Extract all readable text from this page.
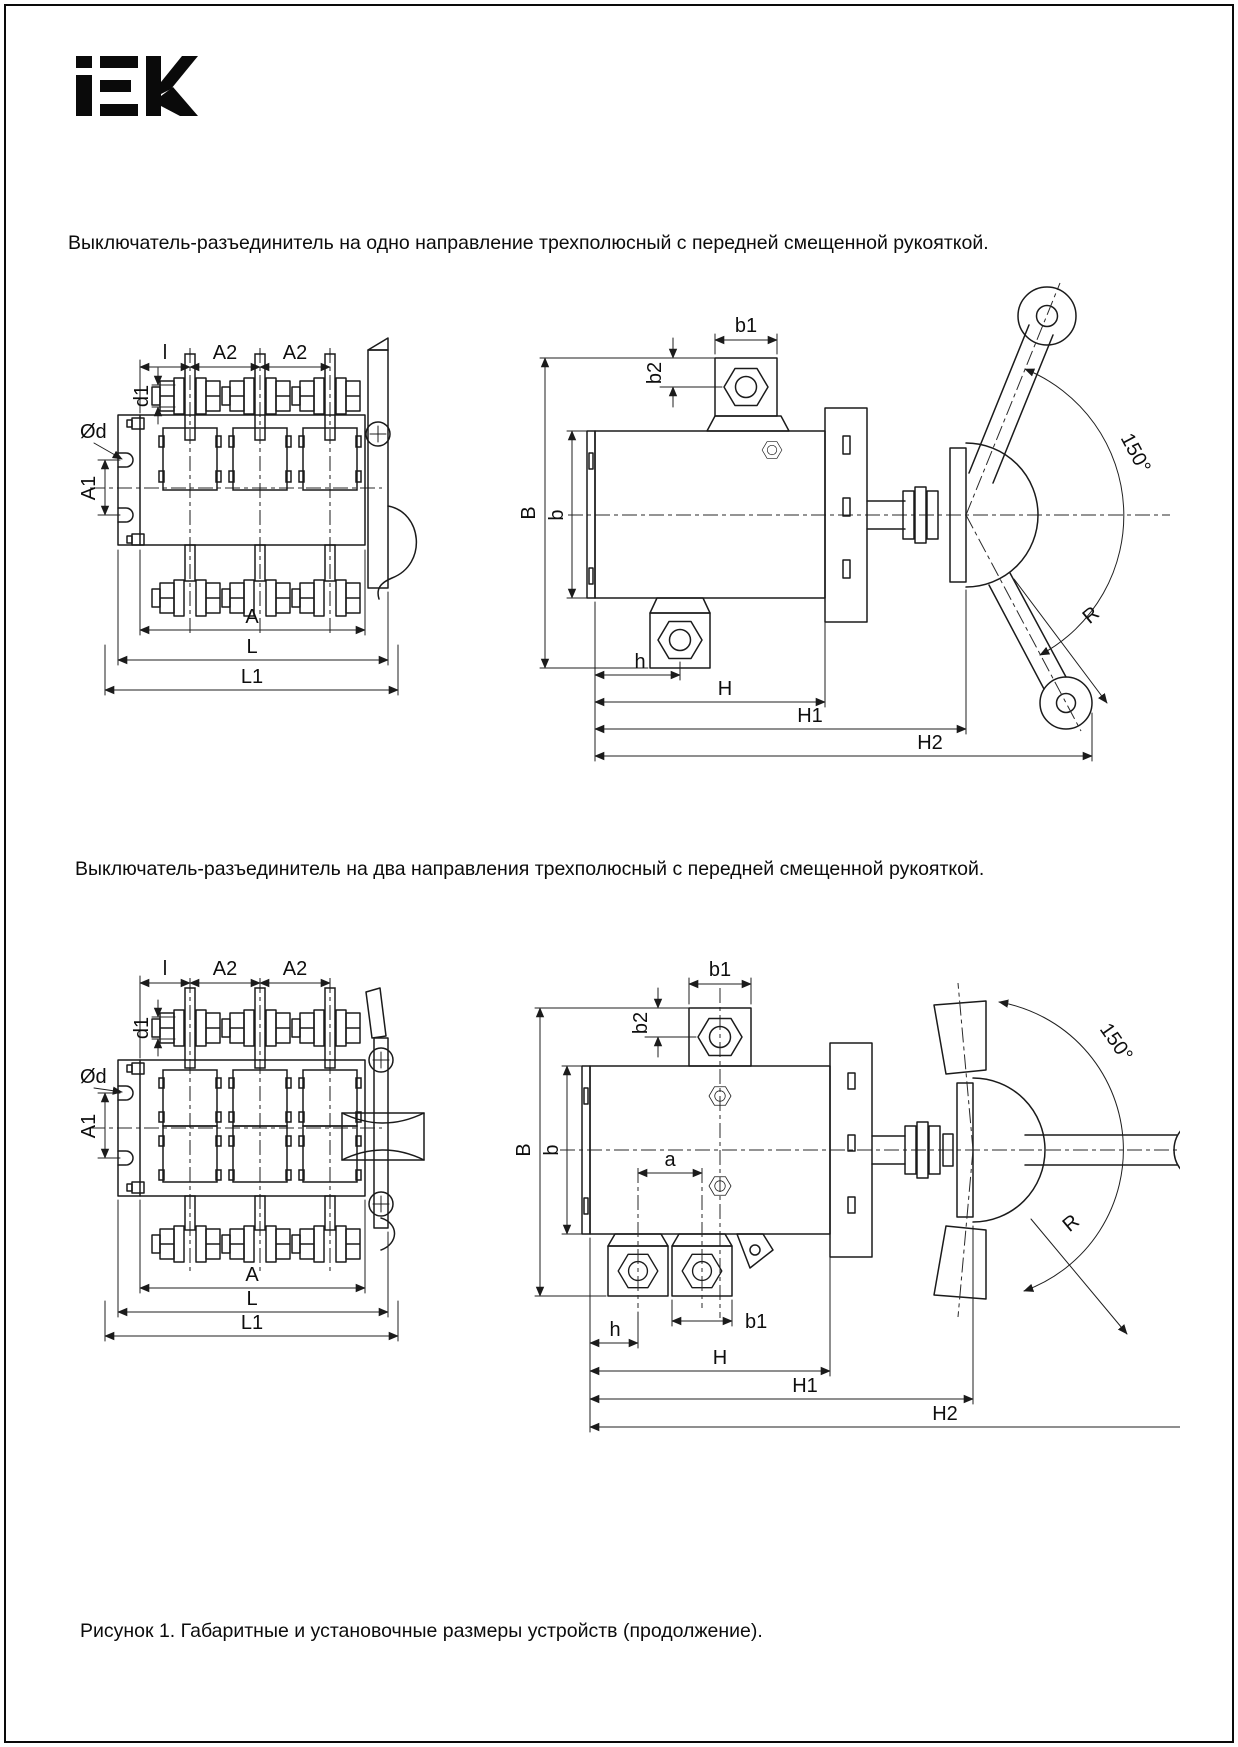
Выключатель-разъединитель на одно направление трехполюсный с передней смещенной рукояткой.

l A2 A2
d1
Ød
A1
A
L
L1
150°
R
b1
b2
B b
h
H
H1
H2

Выключатель-разъединитель на два направления трехполюсный с передней смещенной рукояткой.

l A2 A2
d1
Ød
A1
A
L
L1
150°
R
b1
b2
B b	a
b1
h
H
H1
H2

Рисунок 1. Габаритные и установочные размеры устройств (продолжение).
